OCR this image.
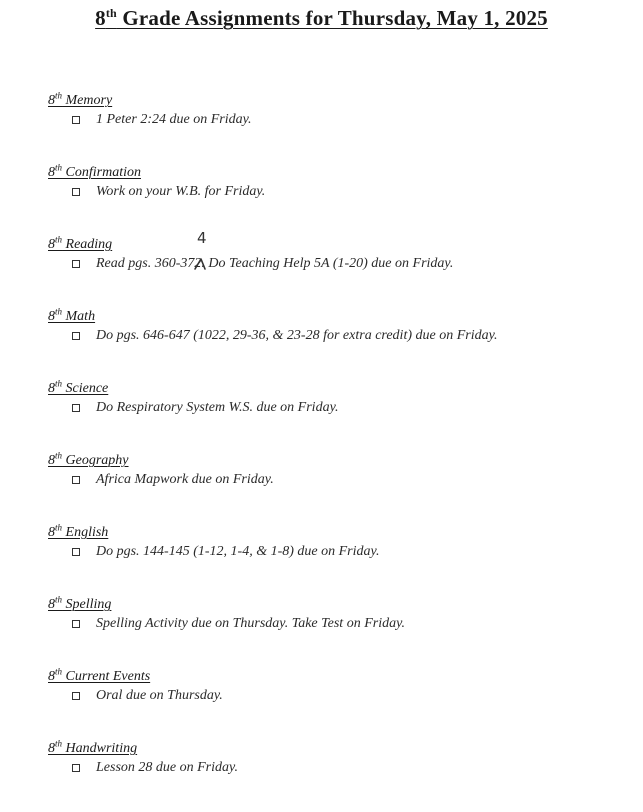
8th Grade Assignments for Thursday, May 1, 2025
8th Memory
1 Peter 2:24 due on Friday.
8th Confirmation
Work on your W.B. for Friday.
8th Reading
Read pgs. 360-372. Do Teaching Help 5A (1-20) due on Friday.
4
8th Math
Do pgs. 646-647 (1022, 29-36, & 23-28 for extra credit) due on Friday.
8th Science
Do Respiratory System W.S. due on Friday.
8th Geography
Africa Mapwork due on Friday.
8th English
Do pgs. 144-145 (1-12, 1-4, & 1-8) due on Friday.
8th Spelling
Spelling Activity due on Thursday. Take Test on Friday.
8th Current Events
Oral due on Thursday.
8th Handwriting
Lesson 28 due on Friday.
